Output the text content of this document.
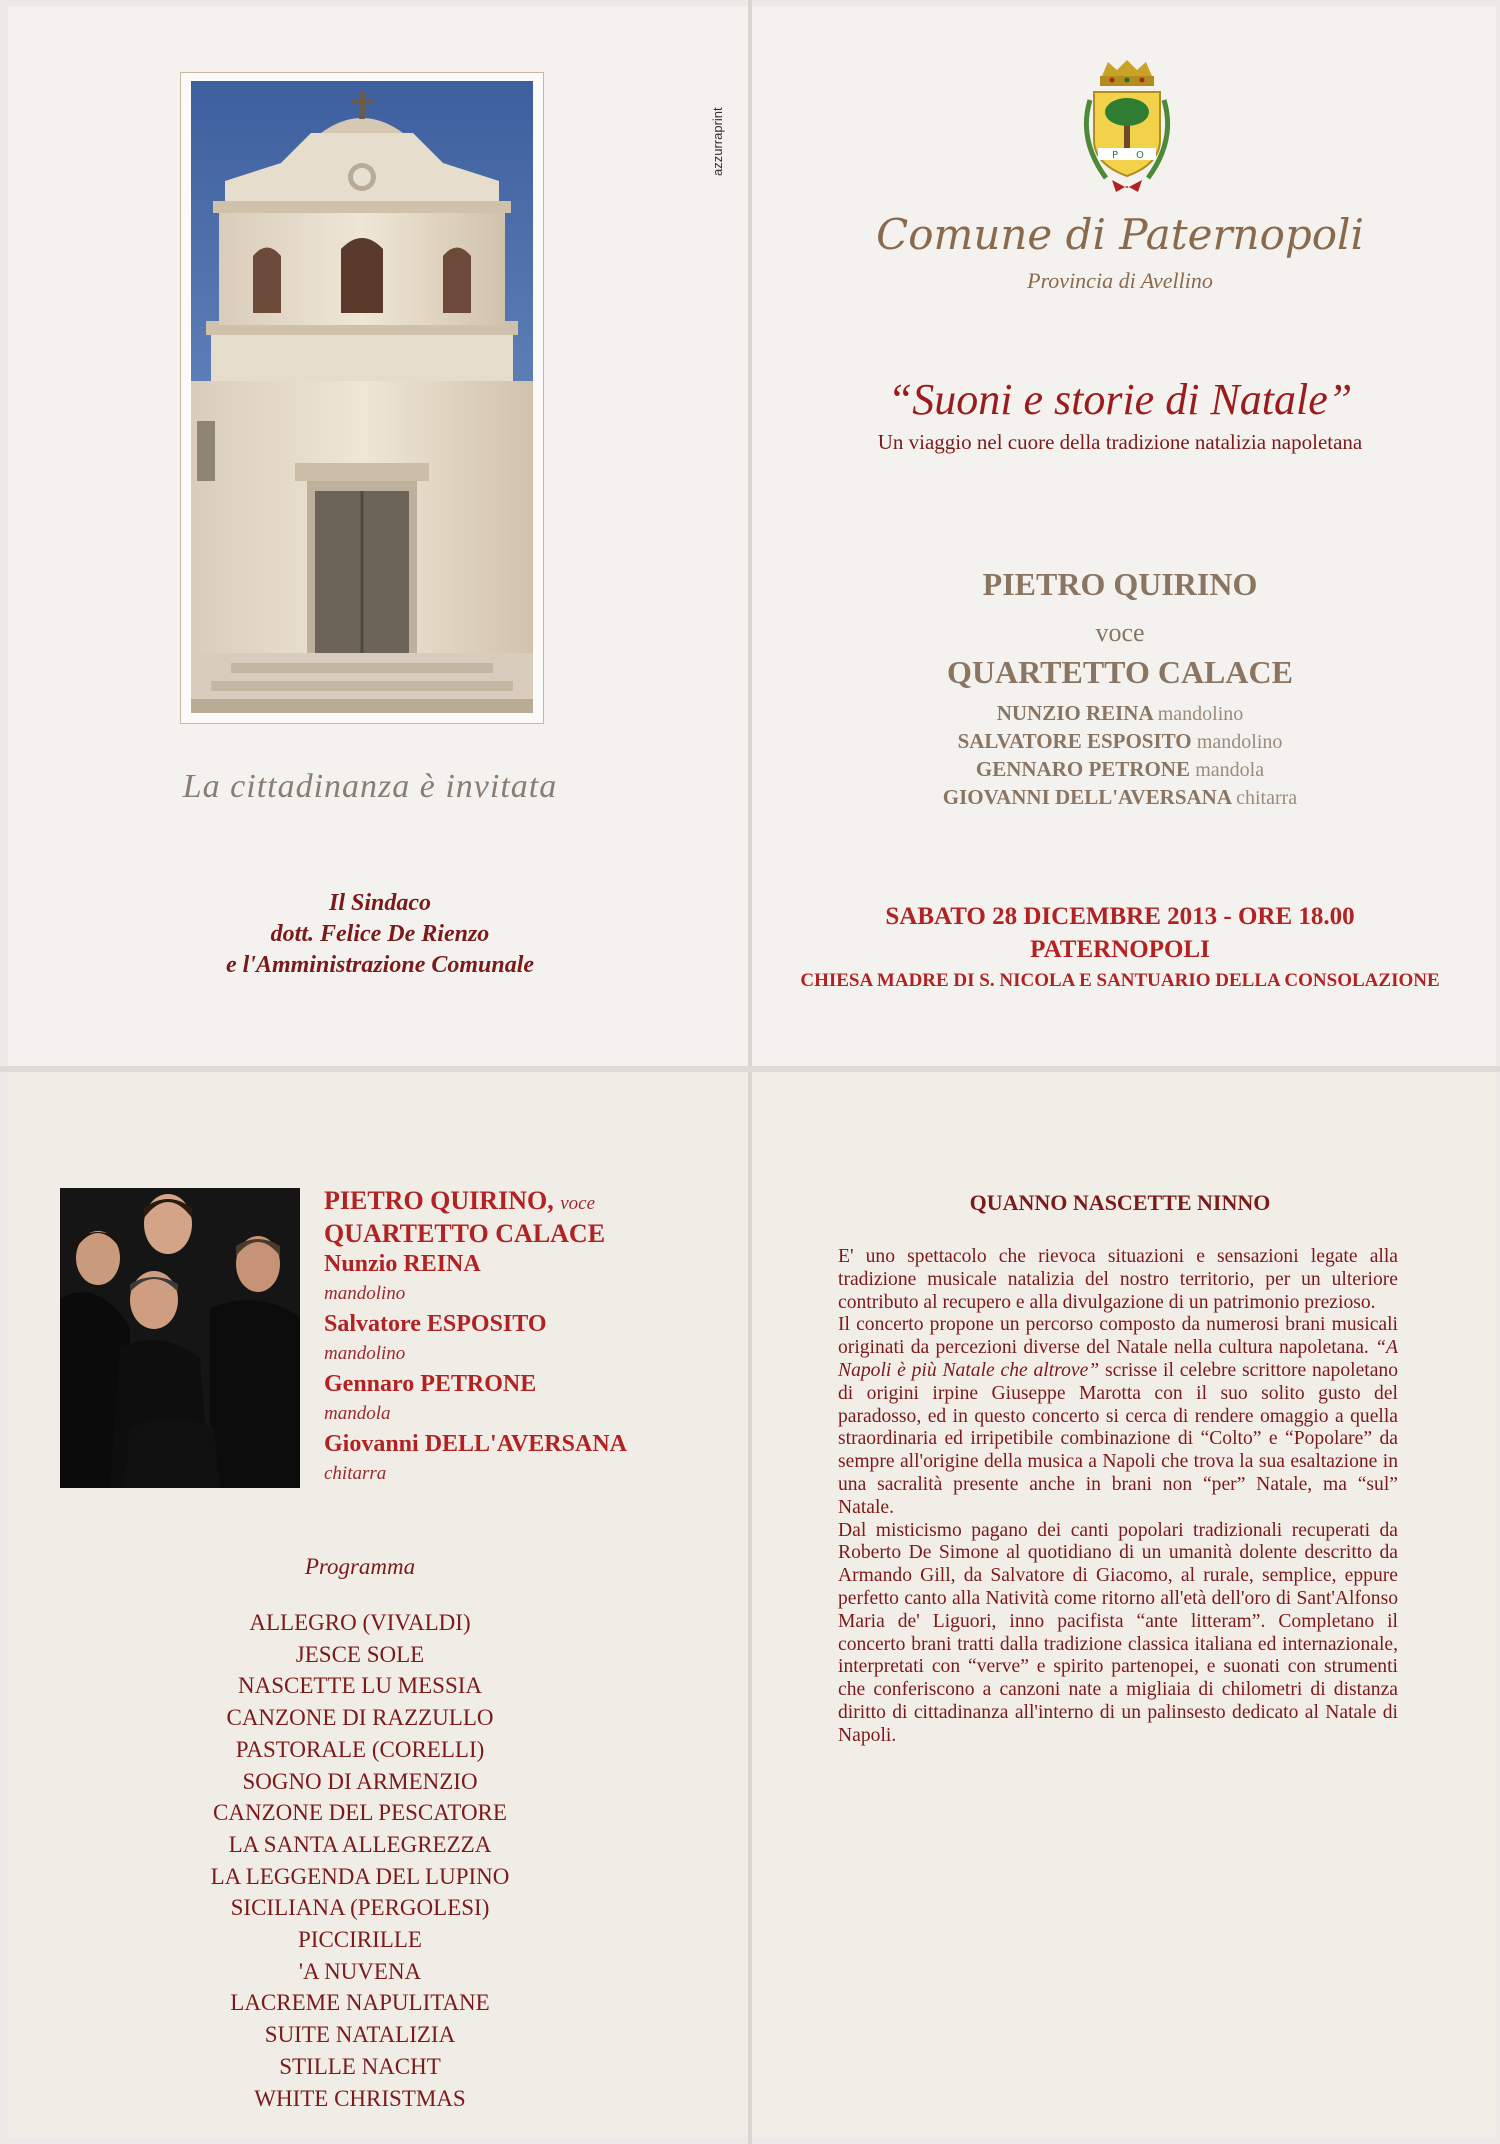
azzurraprint
La cittadinanza è invitata
Il Sindaco
dott. Felice De Rienzo
e l'Amministrazione Comunale
P O
Comune di Paternopoli
Provincia di Avellino
“Suoni e storie di Natale”
Un viaggio nel cuore della tradizione natalizia napoletana
PIETRO QUIRINO
voce
QUARTETTO CALACE
NUNZIO REINA mandolino
SALVATORE ESPOSITO mandolino
GENNARO PETRONE mandola
GIOVANNI DELL'AVERSANA chitarra
SABATO 28 DICEMBRE 2013 - ORE 18.00
PATERNOPOLI
CHIESA MADRE DI S. NICOLA E SANTUARIO DELLA CONSOLAZIONE
PIETRO QUIRINO, voce
QUARTETTO CALACE
Nunzio REINA
mandolino
Salvatore ESPOSITO
mandolino
Gennaro PETRONE
mandola
Giovanni DELL'AVERSANA
chitarra
Programma
ALLEGRO (VIVALDI)
JESCE SOLE
NASCETTE LU MESSIA
CANZONE DI RAZZULLO
PASTORALE (CORELLI)
SOGNO DI ARMENZIO
CANZONE DEL PESCATORE
LA SANTA ALLEGREZZA
LA LEGGENDA DEL LUPINO
SICILIANA (PERGOLESI)
PICCIRILLE
'A NUVENA
LACREME NAPULITANE
SUITE NATALIZIA
STILLE NACHT
WHITE CHRISTMAS
QUANNO NASCETTE NINNO

E' uno spettacolo che rievoca situazioni e sensazioni legate alla tradizione musicale natalizia del nostro territorio, per un ulteriore contributo al recupero e alla divulgazione di un patrimonio prezioso.

Il concerto propone un percorso composto da numerosi brani musicali originati da percezioni diverse del Natale nella cultura napoletana. “A Napoli è più Natale che altrove” scrisse il celebre scrittore napoletano di origini irpine Giuseppe Marotta con il suo solito gusto del paradosso, ed in questo concerto si cerca di rendere omaggio a quella straordinaria ed irripetibile combinazione di “Colto” e “Popolare” da sempre all'origine della musica a Napoli che trova la sua esaltazione in una sacralità presente anche in brani non “per” Natale, ma “sul” Natale.

Dal misticismo pagano dei canti popolari tradizionali recuperati da Roberto De Simone al quotidiano di un umanità dolente descritto da Armando Gill, da Salvatore di Giacomo, al rurale, semplice, eppure perfetto canto alla Natività come ritorno all'età dell'oro di Sant'Alfonso Maria de' Liguori, inno pacifista “ante litteram”. Completano il concerto brani tratti dalla tradizione classica italiana ed internazionale, interpretati con “verve” e spirito partenopei, e suonati con strumenti che conferiscono a canzoni nate a migliaia di chilometri di distanza diritto di cittadinanza all'interno di un palinsesto dedicato al Natale di Napoli.
